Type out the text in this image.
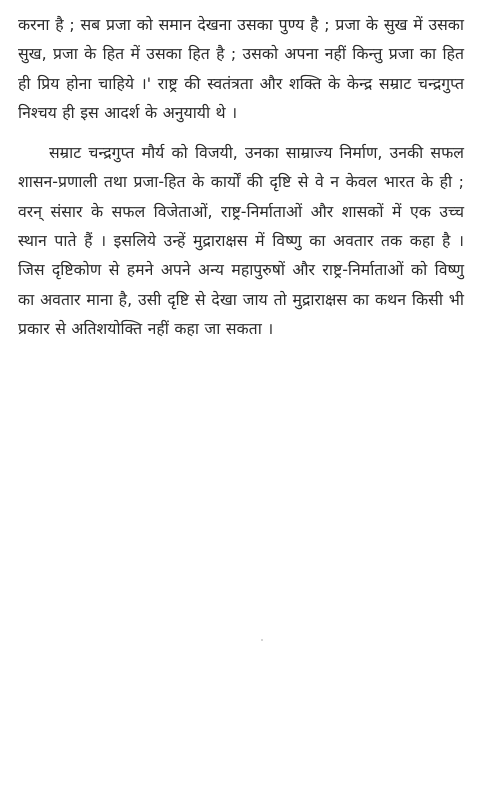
करना है ; सब प्रजा को समान देखना उसका पुण्य है ; प्रजा के सुख में उसका सुख, प्रजा के हित में उसका हित है ; उसको अपना नहीं किन्तु प्रजा का हित ही प्रिय होना चाहिये ।' राष्ट्र की स्वतंत्रता और शक्ति के केन्द्र सम्राट चन्द्रगुप्त निश्चय ही इस आदर्श के अनुयायी थे ।

सम्राट चन्द्रगुप्त मौर्य को विजयी, उनका साम्राज्य निर्माण, उनकी सफल शासन-प्रणाली तथा प्रजा-हित के कार्यों की दृष्टि से वे न केवल भारत के ही ; वरन् संसार के सफल विजेताओं, राष्ट्र-निर्माताओं और शासकों में एक उच्च स्थान पाते हैं । इसलिये उन्हें मुद्राराक्षस में विष्णु का अवतार तक कहा है । जिस दृष्टिकोण से हमने अपने अन्य महापुरुषों और राष्ट्र-निर्माताओं को विष्णु का अवतार माना है, उसी दृष्टि से देखा जाय तो मुद्राराक्षस का कथन किसी भी प्रकार से अतिशयोक्ति नहीं कहा जा सकता ।
